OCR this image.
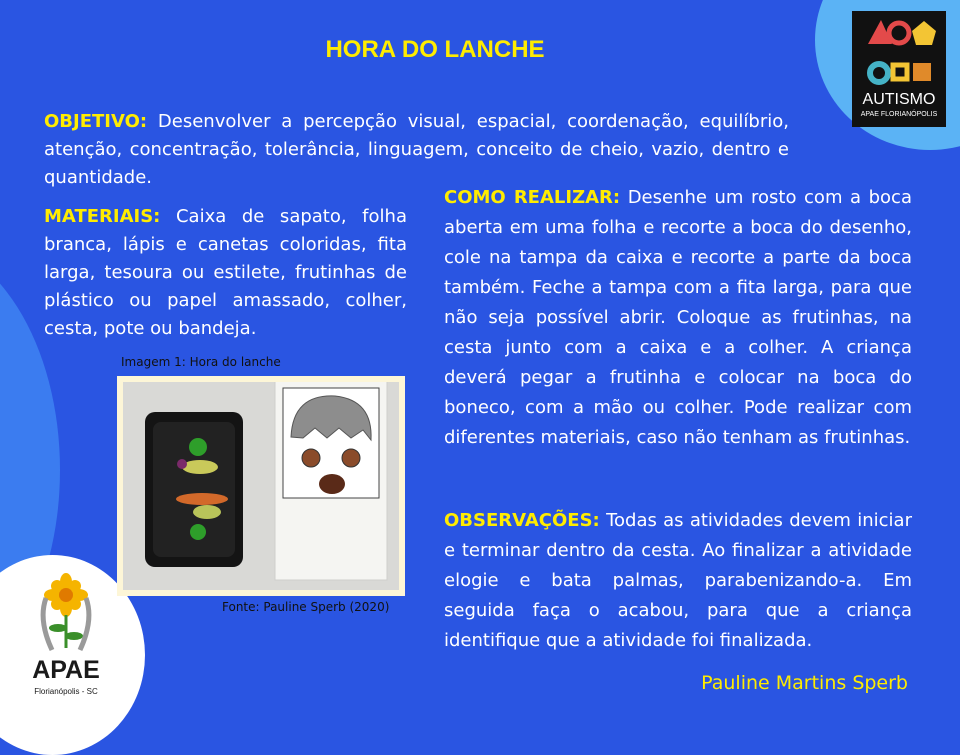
HORA DO LANCHE
OBJETIVO: Desenvolver a percepção visual, espacial, coordenação, equilíbrio, atenção, concentração, tolerância, linguagem, conceito de cheio, vazio, dentro e quantidade.
MATERIAIS: Caixa de sapato, folha branca, lápis e canetas coloridas, fita larga, tesoura ou estilete, frutinhas de plástico ou papel amassado, colher, cesta, pote ou bandeja.
COMO REALIZAR: Desenhe um rosto com a boca aberta em uma folha e recorte a boca do desenho, cole na tampa da caixa e recorte a parte da boca também. Feche a tampa com a fita larga, para que não seja possível abrir. Coloque as frutinhas, na cesta junto com a caixa e a colher. A criança deverá pegar a frutinha e colocar na boca do boneco, com a mão ou colher. Pode realizar com diferentes materiais, caso não tenham as frutinhas.
OBSERVAÇÕES: Todas as atividades devem iniciar e terminar dentro da cesta. Ao finalizar a atividade elogie e bata palmas, parabenizando-a. Em seguida faça o acabou, para que a criança identifique que a atividade foi finalizada.
Imagem 1: Hora do lanche
Fonte: Pauline Sperb (2020)
AUTISMO
APAE FLORIANÓPOLIS
APAE
Florianópolis - SC	Pauline Martins Sperb
